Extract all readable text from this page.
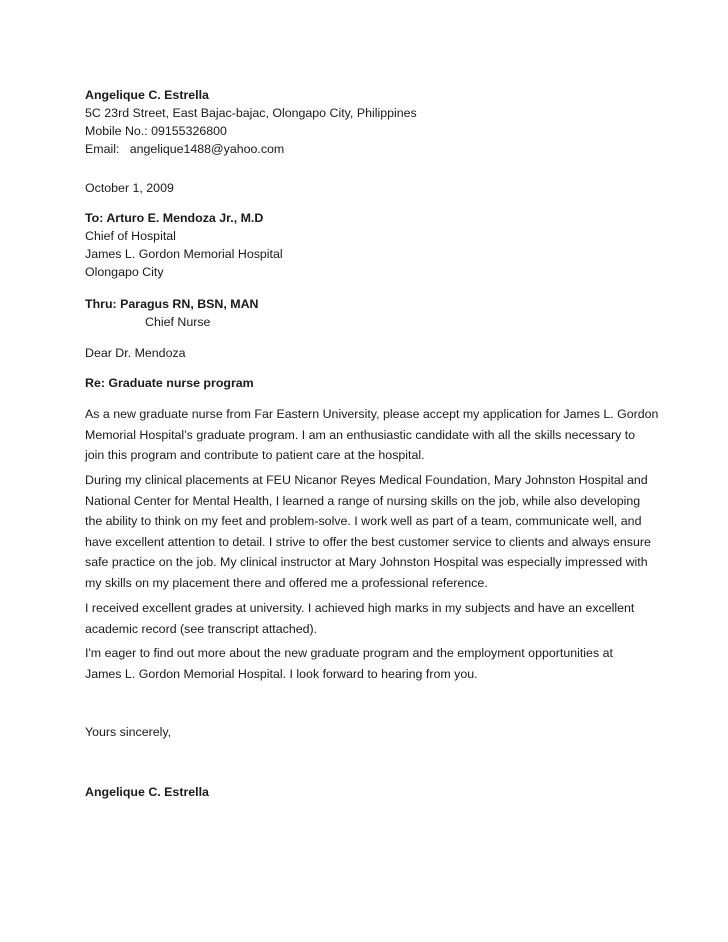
Angelique C. Estrella
5C 23rd Street, East Bajac-bajac, Olongapo City, Philippines
Mobile No.: 09155326800
Email:   angelique1488@yahoo.com
October 1, 2009
To: Arturo E. Mendoza Jr., M.D
Chief of Hospital
James L. Gordon Memorial Hospital
Olongapo City
Thru: Paragus RN, BSN, MAN
Chief Nurse
Dear Dr. Mendoza
Re: Graduate nurse program
As a new graduate nurse from Far Eastern University, please accept my application for James L. Gordon
Memorial Hospital’s graduate program. I am an enthusiastic candidate with all the skills necessary to
join this program and contribute to patient care at the hospital.
During my clinical placements at FEU Nicanor Reyes Medical Foundation, Mary Johnston Hospital and
National Center for Mental Health, I learned a range of nursing skills on the job, while also developing
the ability to think on my feet and problem-solve. I work well as part of a team, communicate well, and
have excellent attention to detail. I strive to offer the best customer service to clients and always ensure
safe practice on the job. My clinical instructor at Mary Johnston Hospital was especially impressed with
my skills on my placement there and offered me a professional reference.
I received excellent grades at university. I achieved high marks in my subjects and have an excellent
academic record (see transcript attached).
I'm eager to find out more about the new graduate program and the employment opportunities at
James L. Gordon Memorial Hospital. I look forward to hearing from you.
Yours sincerely,
Angelique C. Estrella
